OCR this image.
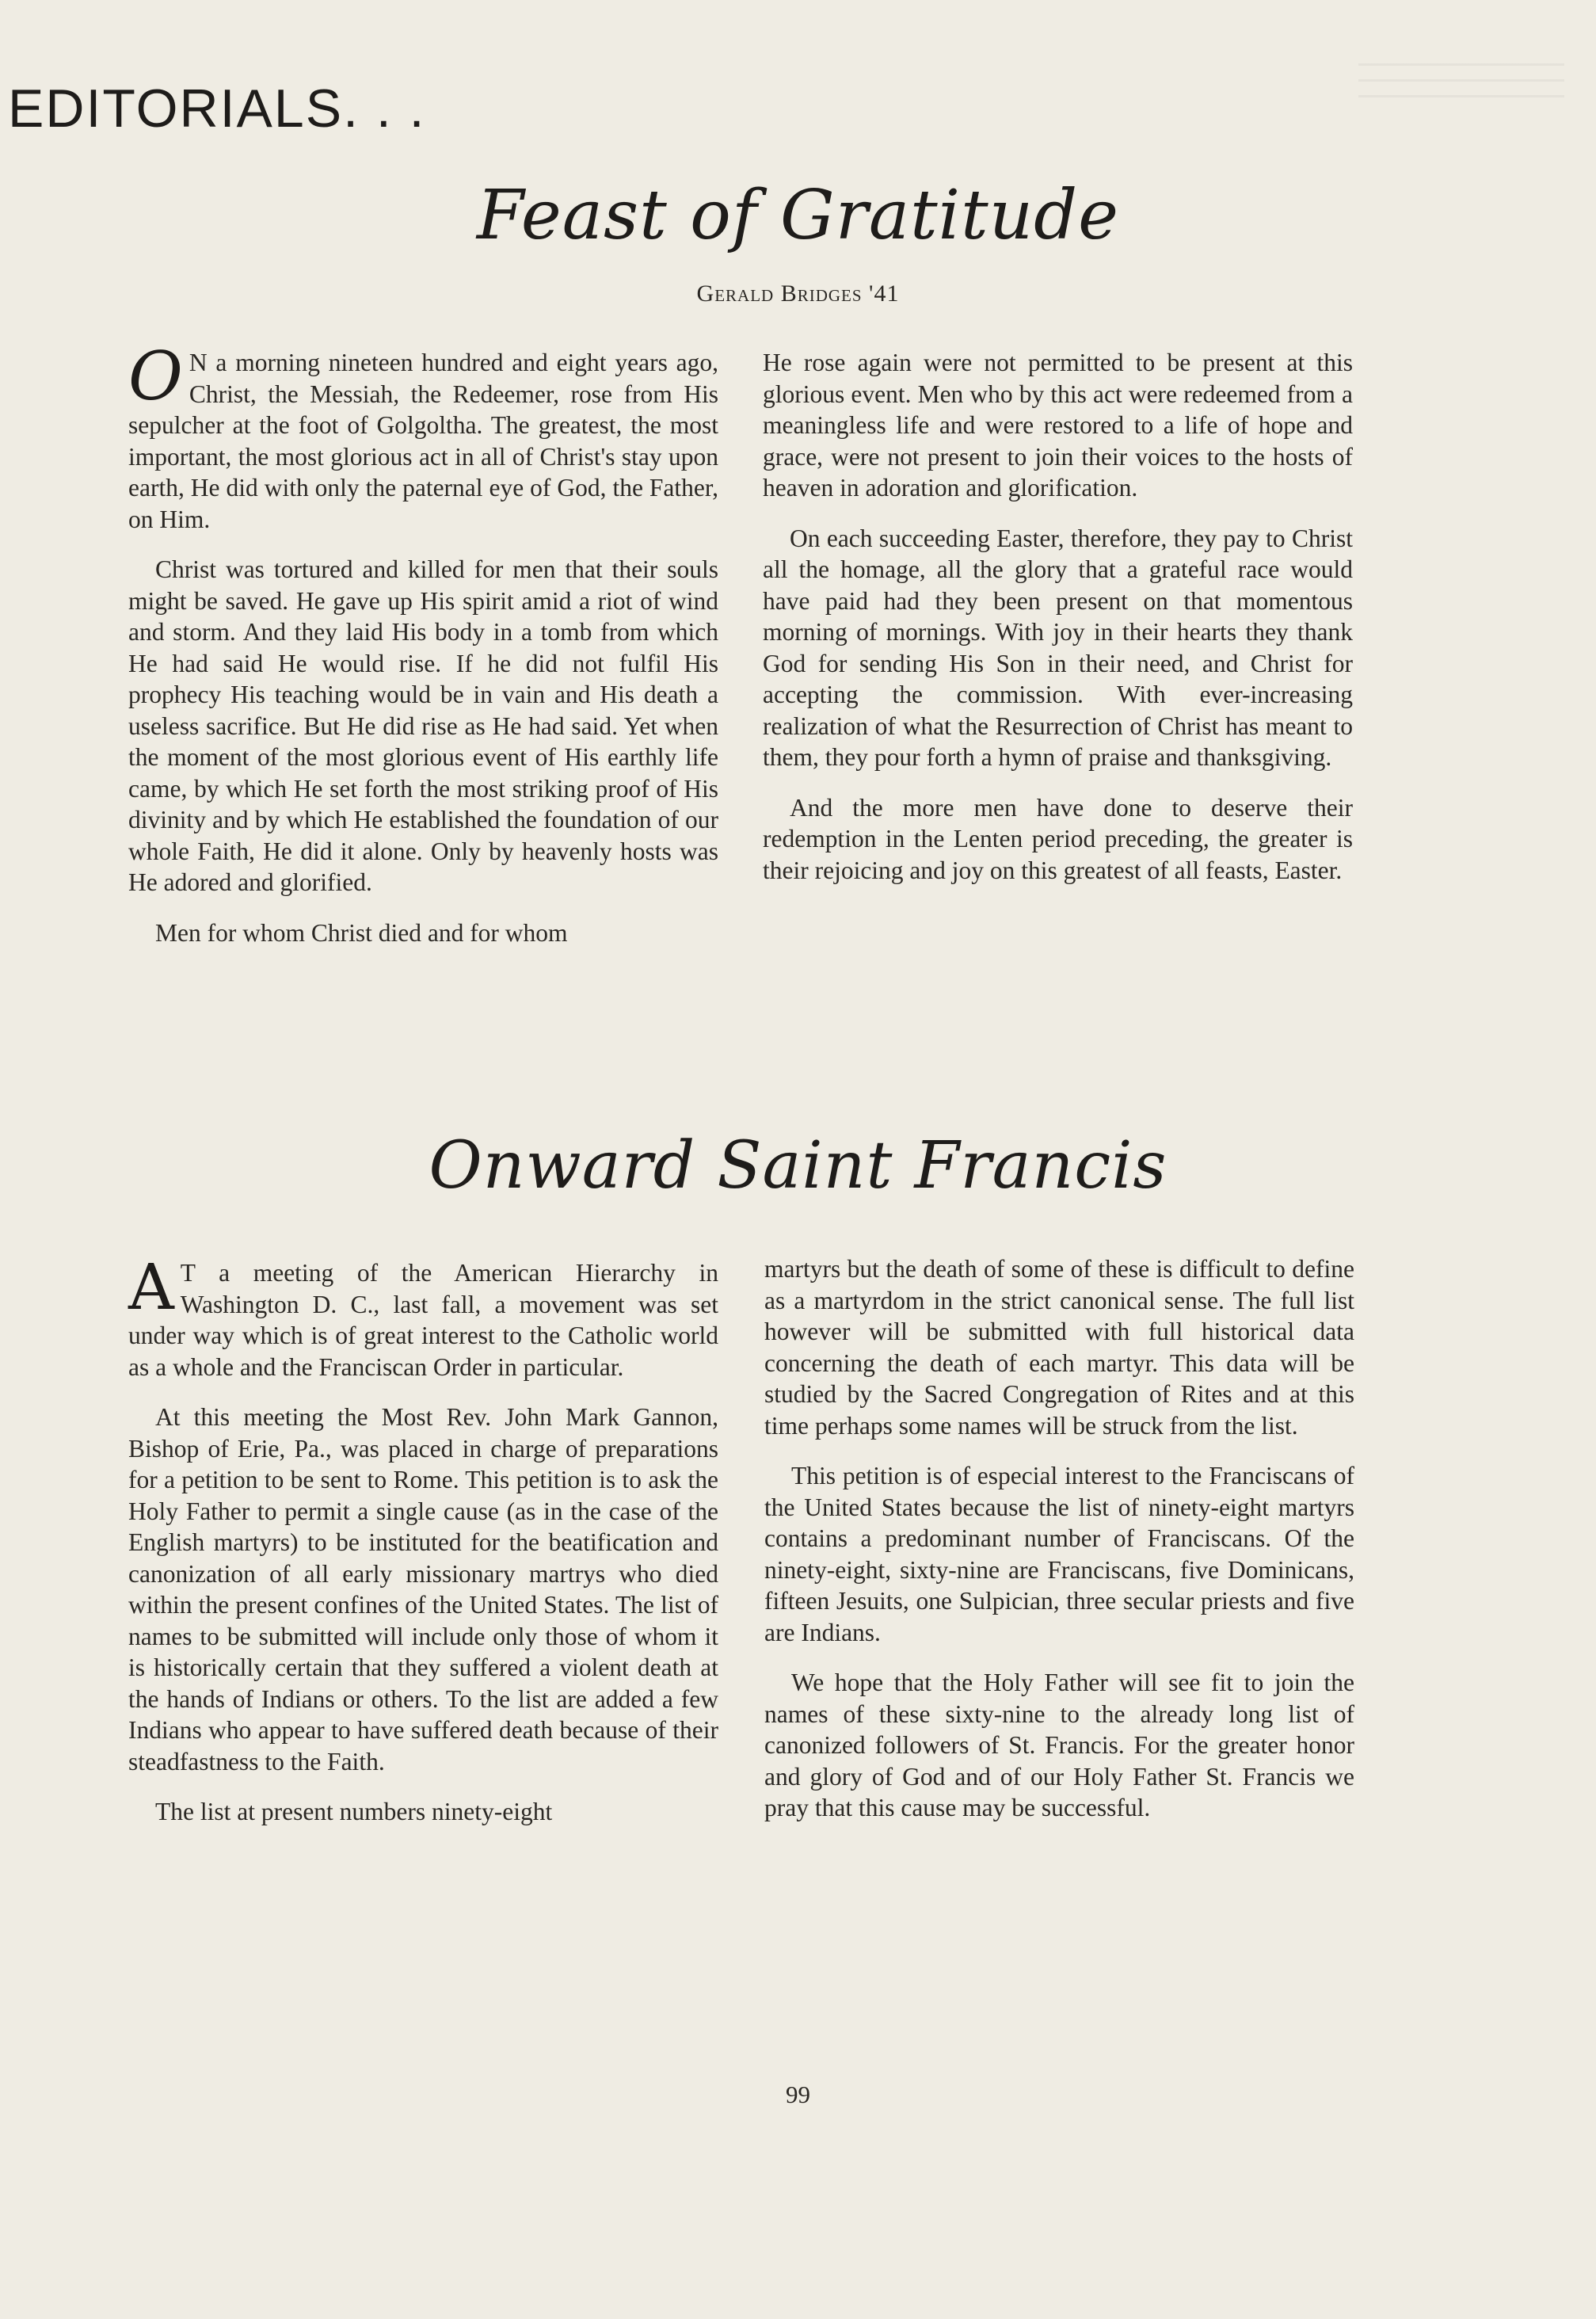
EDITORIALS. . .
Feast of Gratitude
Gerald Bridges '41

O N a morning nineteen hundred and eight years ago, Christ, the Messiah, the Redeemer, rose from His sepulcher at the foot of Golgoltha. The greatest, the most important, the most glorious act in all of Christ's stay upon earth, He did with only the paternal eye of God, the Father, on Him.

Christ was tortured and killed for men that their souls might be saved. He gave up His spirit amid a riot of wind and storm. And they laid His body in a tomb from which He had said He would rise. If he did not fulfil His prophecy His teaching would be in vain and His death a useless sacrifice. But He did rise as He had said. Yet when the moment of the most glorious event of His earthly life came, by which He set forth the most striking proof of His divinity and by which He established the foundation of our whole Faith, He did it alone. Only by heavenly hosts was He adored and glorified.

Men for whom Christ died and for whom

He rose again were not permitted to be present at this glorious event. Men who by this act were redeemed from a meaningless life and were restored to a life of hope and grace, were not present to join their voices to the hosts of heaven in adoration and glorification.

On each succeeding Easter, therefore, they pay to Christ all the homage, all the glory that a grateful race would have paid had they been present on that momentous morning of mornings. With joy in their hearts they thank God for sending His Son in their need, and Christ for accepting the commission. With ever-increasing realization of what the Resurrection of Christ has meant to them, they pour forth a hymn of praise and thanksgiving.

And the more men have done to deserve their redemption in the Lenten period preceding, the greater is their rejoicing and joy on this greatest of all feasts, Easter.

Onward Saint Francis

A T a meeting of the American Hierarchy in Washington D. C., last fall, a movement was set under way which is of great interest to the Catholic world as a whole and the Franciscan Order in particular.

At this meeting the Most Rev. John Mark Gannon, Bishop of Erie, Pa., was placed in charge of preparations for a petition to be sent to Rome. This petition is to ask the Holy Father to permit a single cause (as in the case of the English martyrs) to be instituted for the beatification and canonization of all early missionary martrys who died within the present confines of the United States. The list of names to be submitted will include only those of whom it is historically certain that they suffered a violent death at the hands of Indians or others. To the list are added a few Indians who appear to have suffered death because of their steadfastness to the Faith.

The list at present numbers ninety-eight

martyrs but the death of some of these is difficult to define as a martyrdom in the strict canonical sense. The full list however will be submitted with full historical data concerning the death of each martyr. This data will be studied by the Sacred Congregation of Rites and at this time perhaps some names will be struck from the list.

This petition is of especial interest to the Franciscans of the United States because the list of ninety-eight martyrs contains a predominant number of Franciscans. Of the ninety-eight, sixty-nine are Franciscans, five Dominicans, fifteen Jesuits, one Sulpician, three secular priests and five are Indians.

We hope that the Holy Father will see fit to join the names of these sixty-nine to the already long list of canonized followers of St. Francis. For the greater honor and glory of God and of our Holy Father St. Francis we pray that this cause may be successful.

99
